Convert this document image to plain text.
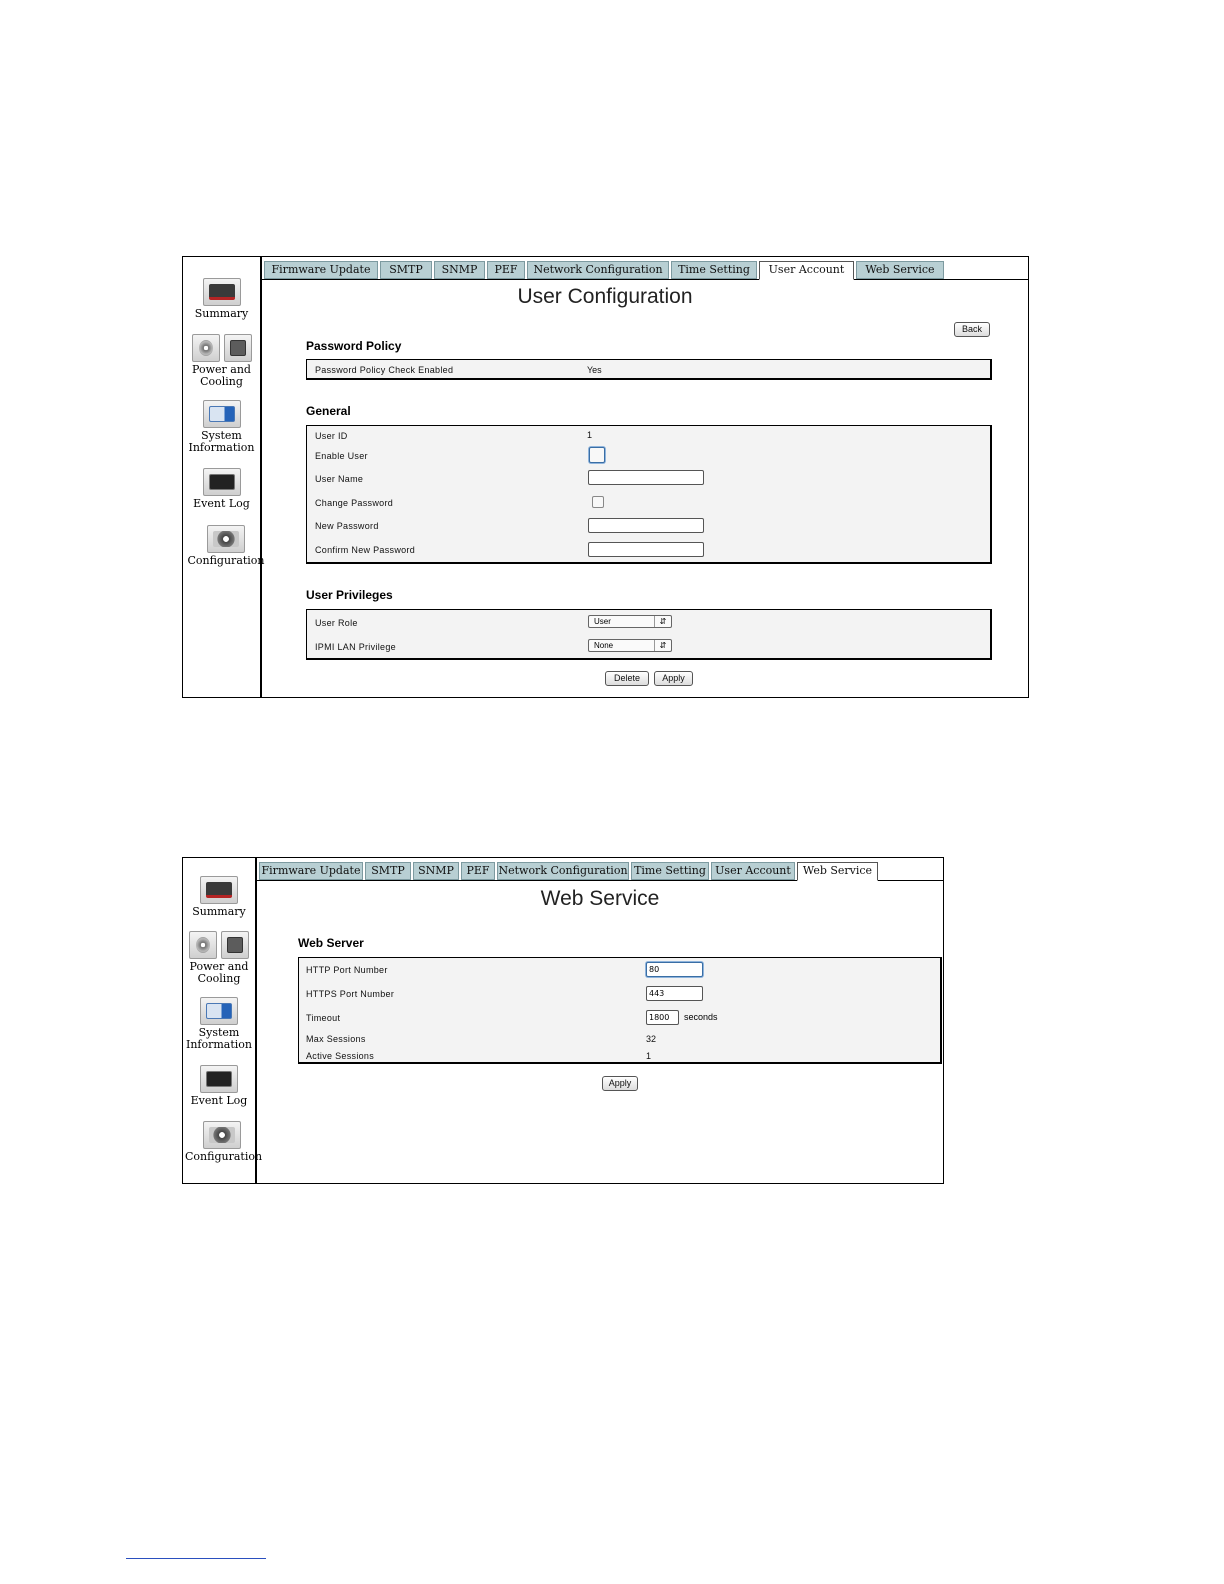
Summary
Power and
Cooling
System
Information
Event Log
Configuration
Firmware Update	SMTP	SNMP	PEF	Network Configuration	Time Setting	User Account	Web Service
User Configuration
Back
Password Policy
Password Policy Check Enabled	Yes
General
User ID	1
Enable User
User Name
Change Password
New Password
Confirm New Password
User Privileges
User Role	User	⇵
IPMI LAN Privilege	None	⇵
Delete	Apply
Summary
Power and
Cooling
System
Information
Event Log
Configuration
Firmware Update SMTP	SNMP	PEF Network Configuration Time Setting User Account	Web Service
Web Service
Web Server
HTTP Port Number	80
HTTPS Port Number	443
Timeout	1800	seconds
Max Sessions	32
Active Sessions	1
Apply
